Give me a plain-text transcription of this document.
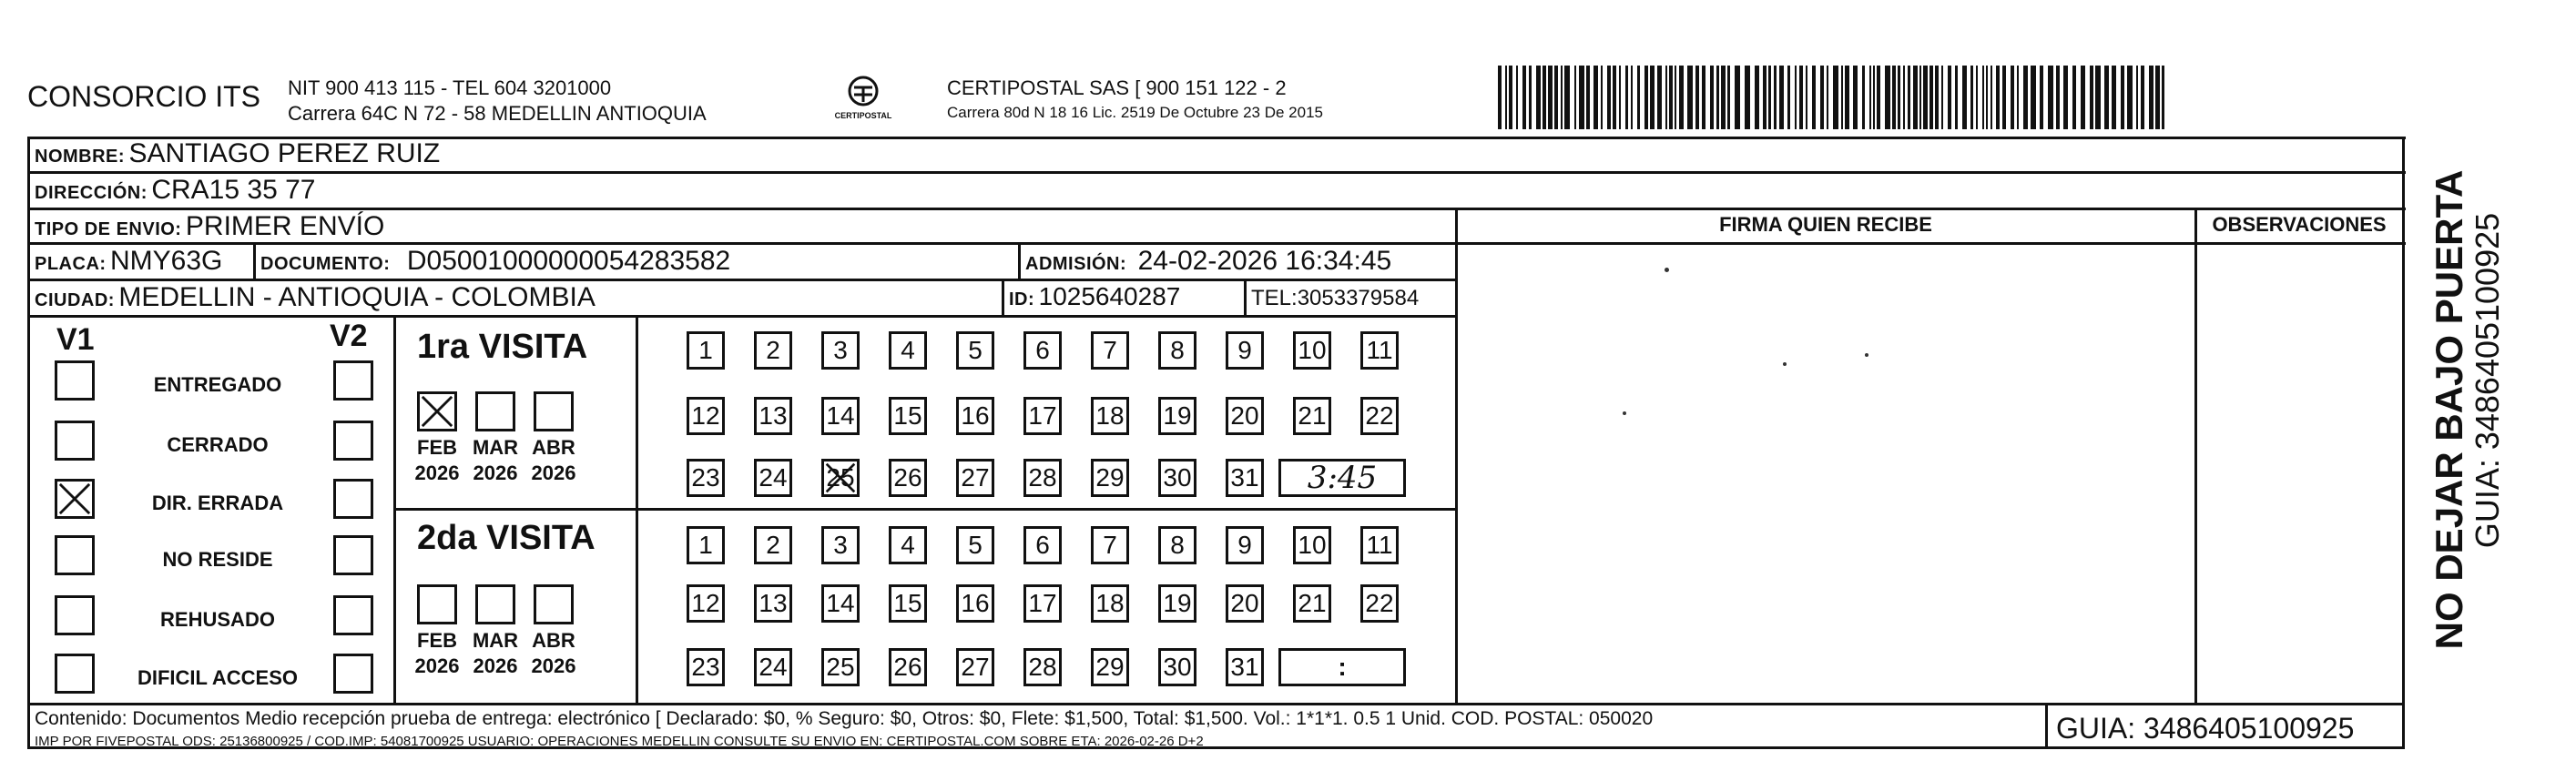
CONSORCIO ITS NIT 900 413 115 - TEL 604 3201000
Carrera 64C N 72 - 58 MEDELLIN ANTIOQUIA	CERTIPOSTAL
CERTIPOSTAL SAS [ 900 151 122 - 2
Carrera 80d N 18 16 Lic. 2519 De Octubre 23 De 2015
NOMBRE: SANTIAGO PEREZ RUIZ
DIRECCIÓN: CRA15 35 77
TIPO DE ENVIO: PRIMER ENVÍO	FIRMA QUIEN RECIBE	OBSERVACIONES
PLACA: NMY63G DOCUMENTO: D05001000000054283582	ADMISIÓN: 24-02-2026 16:34:45
CIUDAD: MEDELLIN - ANTIOQUIA - COLOMBIA	ID: 1025640287	TEL:3053379584
V1	V2
ENTREGADO
CERRADO
DIR. ERRADA
NO RESIDE
REHUSADO
DIFICIL ACCESO
1ra VISITA
2da VISITA
FEB
2026
MAR
2026
ABR
2026
FEB
2026
MAR
2026
ABR
2026
1	2	3	4	5	6	7	8	9	10 11
12 13 14 15 16 17 18 19 20 21 22
23 24 25 26 27 28 29 30 31	3:45
1	2	3	4	5	6	7	8	9	10 11
12 13 14 15 16 17 18 19 20 21 22
23 24 25 26 27 28 29 30 31	:
Contenido: Documentos Medio recepción prueba de entrega: electrónico [ Declarado: $0, % Seguro: $0, Otros: $0, Flete: $1,500, Total: $1,500. Vol.: 1*1*1. 0.5 1 Unid. COD. POSTAL: 050020
IMP POR FIVEPOSTAL ODS: 25136800925 / COD.IMP: 54081700925 USUARIO: OPERACIONES MEDELLIN CONSULTE SU ENVIO EN: CERTIPOSTAL.COM SOBRE ETA: 2026-02-26 D+2	GUIA: 3486405100925
NO DEJAR BAJO PUERTA
GUIA: 3486405100925
